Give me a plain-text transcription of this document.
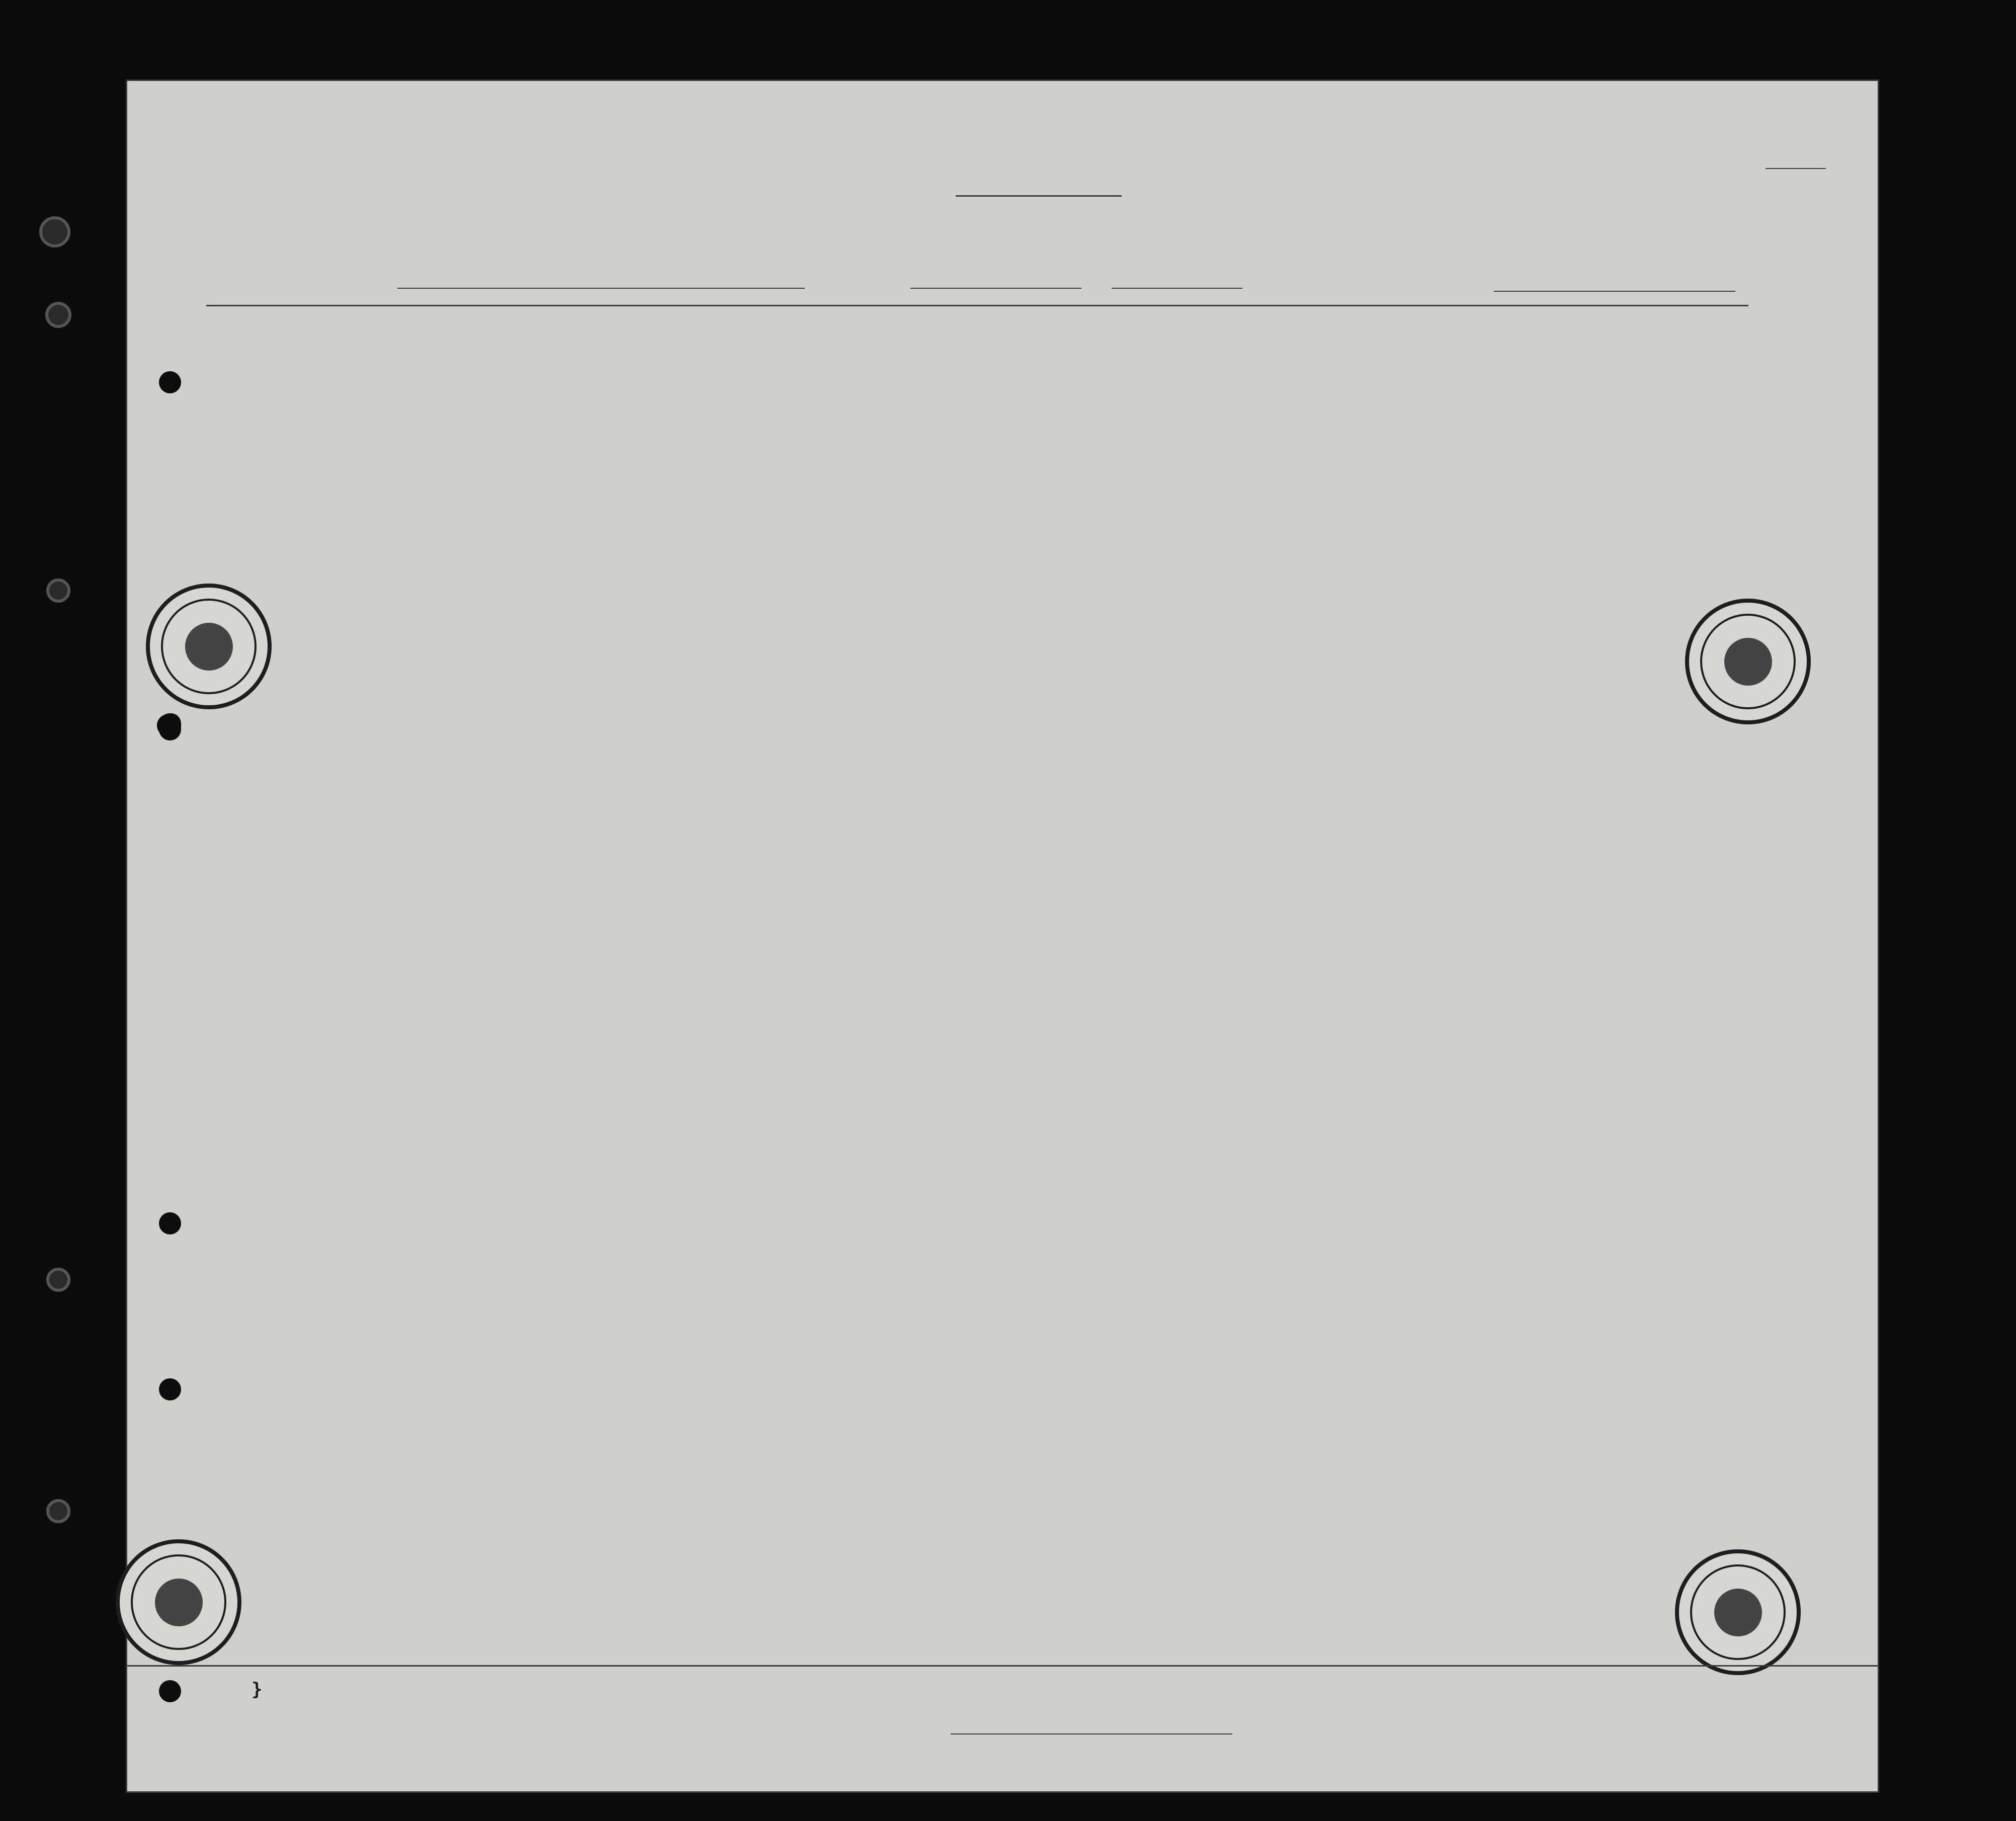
}
